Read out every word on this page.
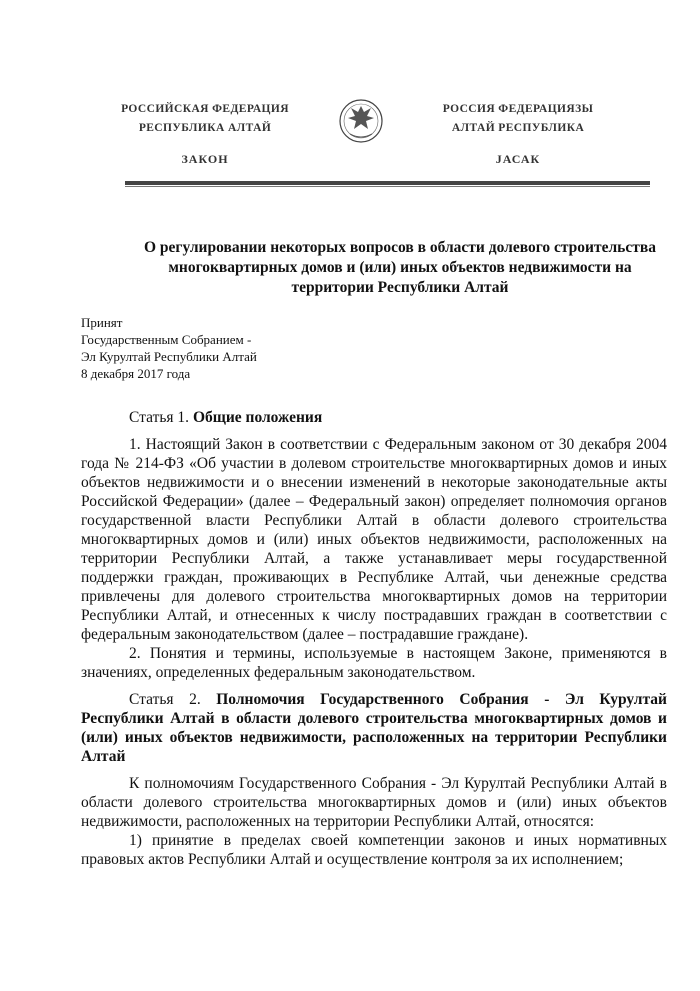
РОССИЙСКАЯ ФЕДЕРАЦИЯ
РЕСПУБЛИКА АЛТАЙ
ЗАКОН
РОССИЯ ФЕДЕРАЦИЯЗЫ
АЛТАЙ РЕСПУБЛИКА
JАСАК
О регулировании некоторых вопросов в области долевого строительства многоквартирных домов и (или) иных объектов недвижимости на территории Республики Алтай
Принят
Государственным Собранием -
Эл Курултай Республики Алтай
8 декабря 2017 года

Статья 1. Общие положения

1. Настоящий Закон в соответствии с Федеральным законом от 30 декабря 2004 года № 214-ФЗ «Об участии в долевом строительстве многоквартирных домов и иных объектов недвижимости и о внесении изменений в некоторые законодательные акты Российской Федерации» (далее – Федеральный закон) определяет полномочия органов государственной власти Республики Алтай в области долевого строительства многоквартирных домов и (или) иных объектов недвижимости, расположенных на территории Республики Алтай, а также устанавливает меры государственной поддержки граждан, проживающих в Республике Алтай, чьи денежные средства привлечены для долевого строительства многоквартирных домов на территории Республики Алтай, и отнесенных к числу пострадавших граждан в соответствии с федеральным законодательством (далее – пострадавшие граждане).

2. Понятия и термины, используемые в настоящем Законе, применяются в значениях, определенных федеральным законодательством.

Статья 2. Полномочия Государственного Собрания - Эл Курултай Республики Алтай в области долевого строительства многоквартирных домов и (или) иных объектов недвижимости, расположенных на территории Республики Алтай

К полномочиям Государственного Собрания - Эл Курултай Республики Алтай в области долевого строительства многоквартирных домов и (или) иных объектов недвижимости, расположенных на территории Республики Алтай, относятся:

1) принятие в пределах своей компетенции законов и иных нормативных правовых актов Республики Алтай и осуществление контроля за их исполнением;
